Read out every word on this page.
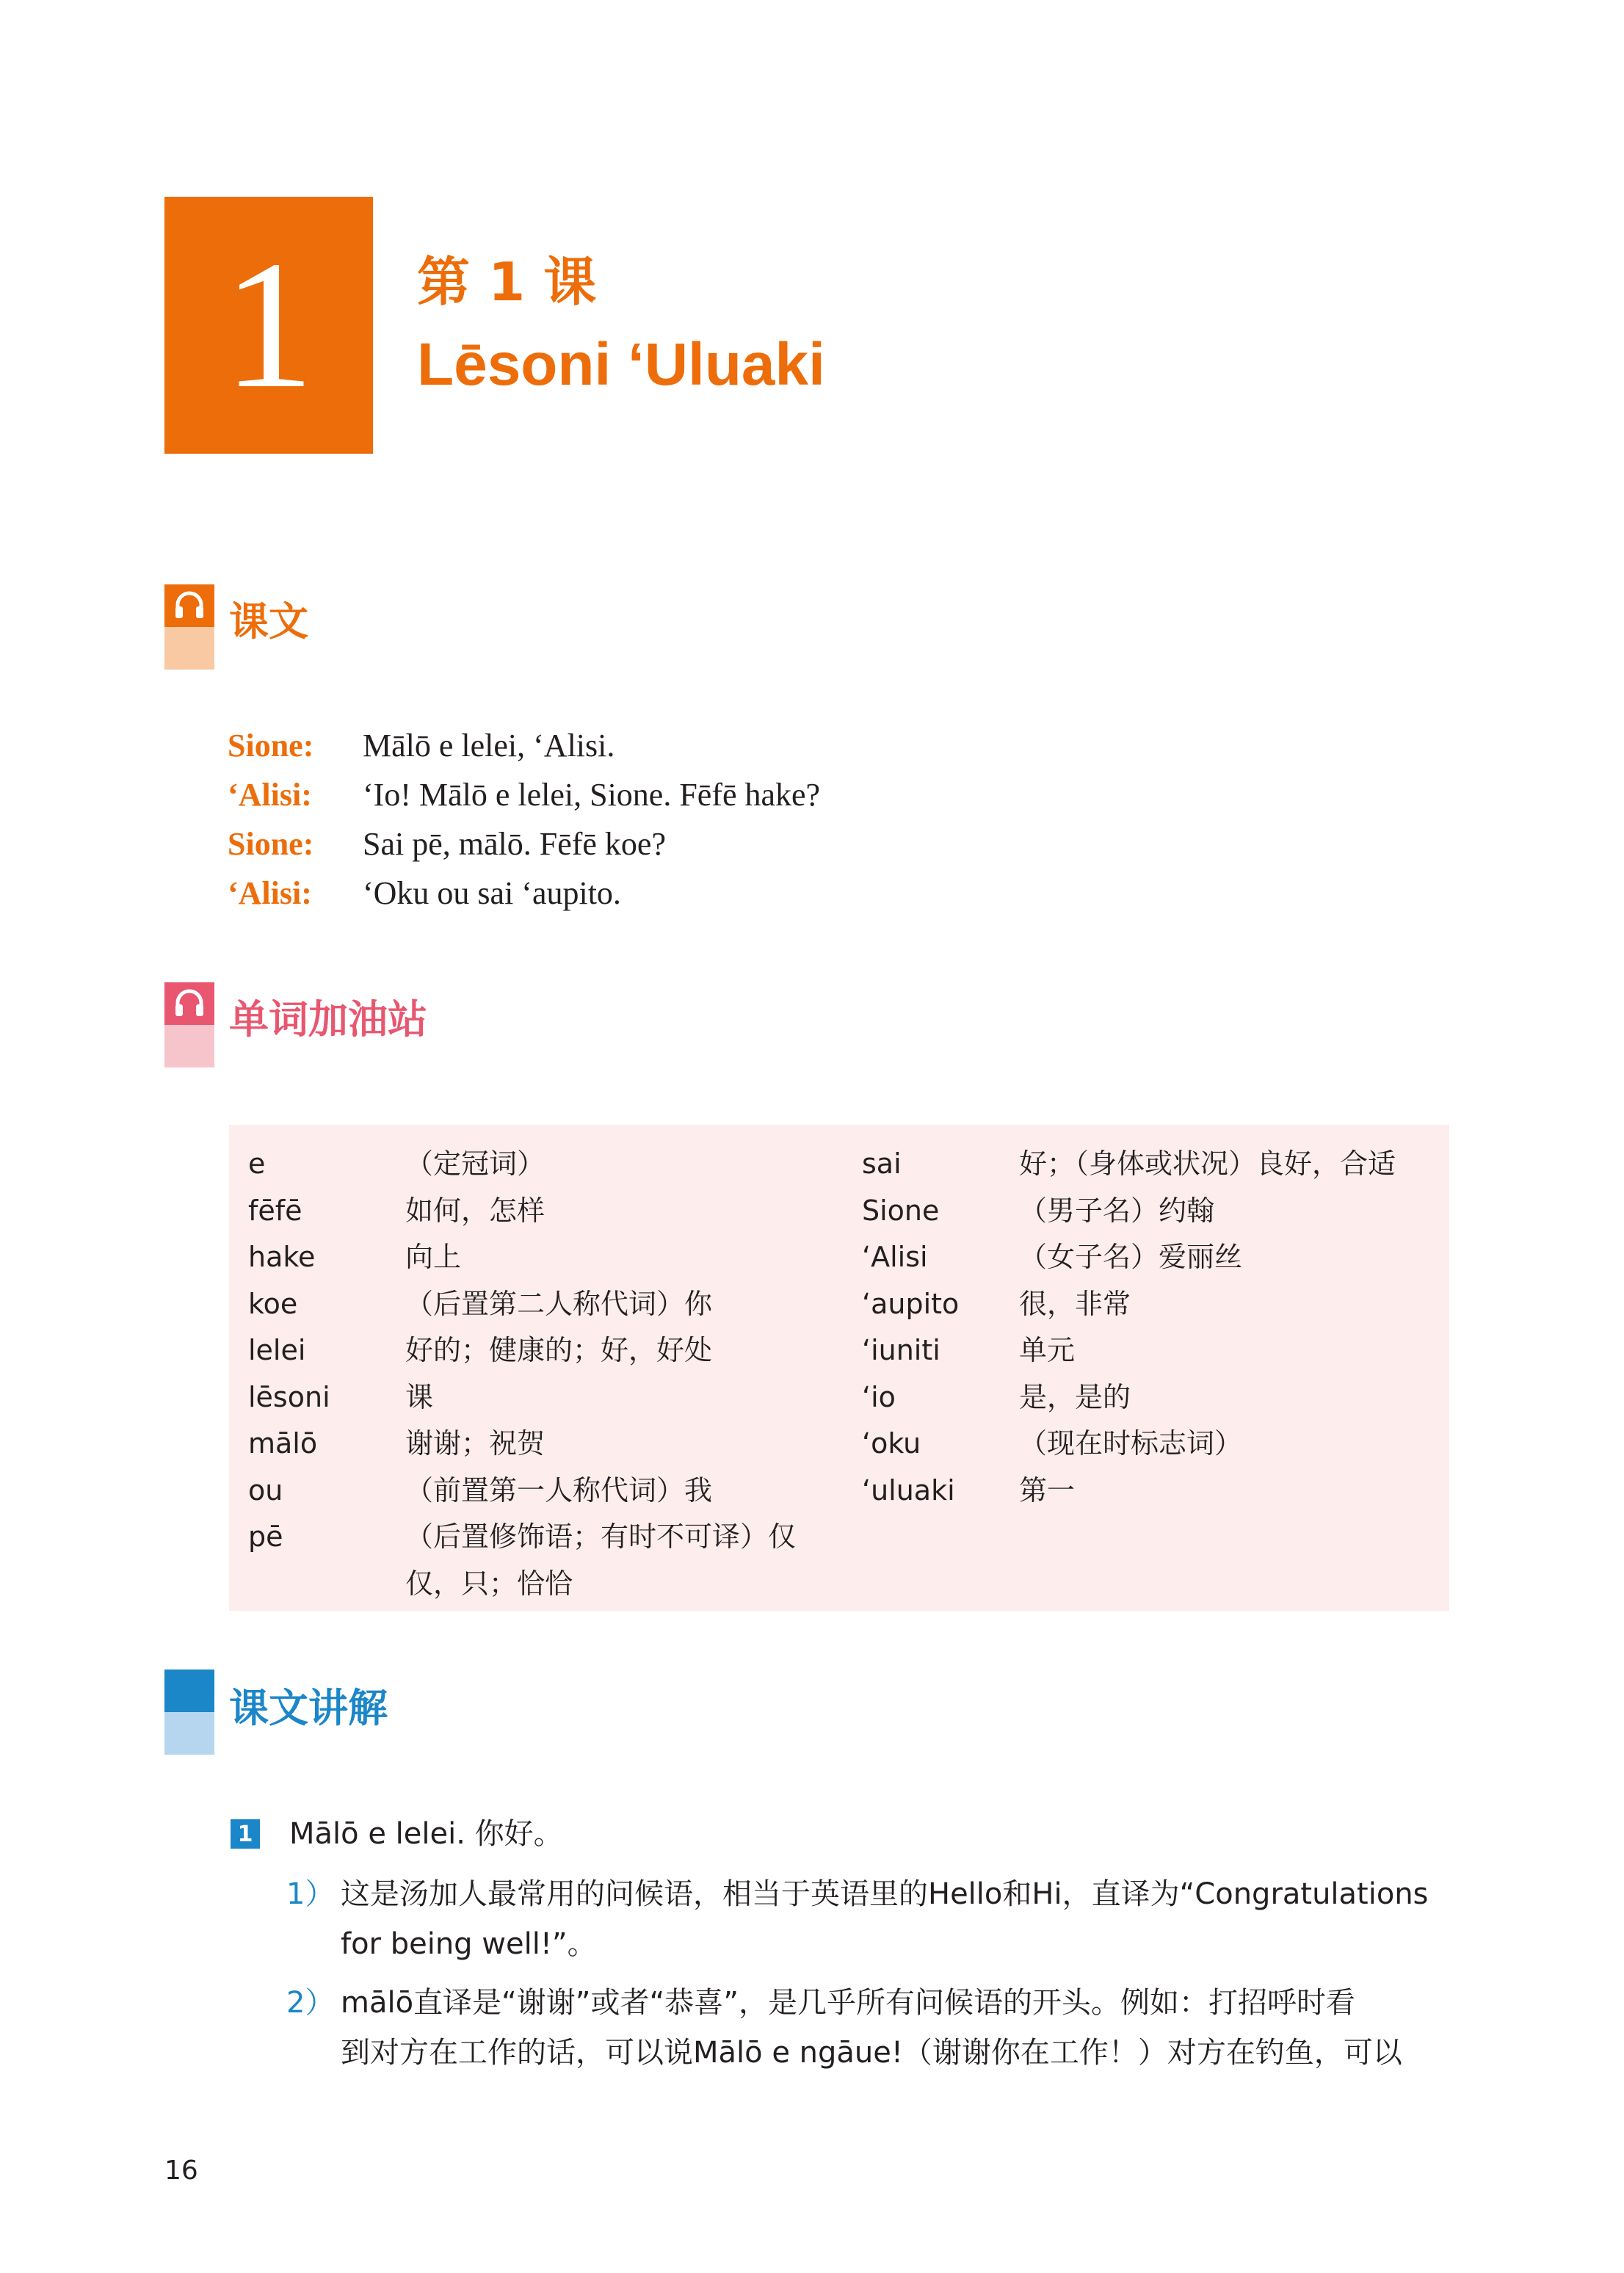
1	第 1 课
Lēsoni ‘Uluaki
课文
Sione:	Mālō e lelei, ‘Alisi.
‘Alisi:	‘Io! Mālō e lelei, Sione. Fēfē hake?
Sione:	Sai pē, mālō. Fēfē koe?
‘Alisi:	‘Oku ou sai ‘aupito.
单词加油站
e	（定冠词）
fēfē	如何，怎样
hake	向上
koe	（后置第二人称代词）你
lelei	好的；健康的；好，好处
lēsoni	课
mālō	谢谢；祝贺
ou	（前置第一人称代词）我
pē	（后置修饰语；有时不可译）仅
仅，只；恰恰
sai	好；（身体或状况）良好，合适
Sione	（男子名）约翰
‘Alisi	（女子名）爱丽丝
‘aupito	很，非常
‘iuniti	单元
‘io	是，是的
‘oku	（现在时标志词）
‘uluaki	第一
课文讲解
1 Mālō e lelei. 你好。
1） 这是汤加人最常用的问候语，相当于英语里的Hello和Hi，直译为“Congratulations
for being well!”。
2） mālō直译是“谢谢”或者“恭喜”，是几乎所有问候语的开头。例如：打招呼时看
到对方在工作的话，可以说Mālō e ngāue!（谢谢你在工作！）对方在钓鱼，可以
16
